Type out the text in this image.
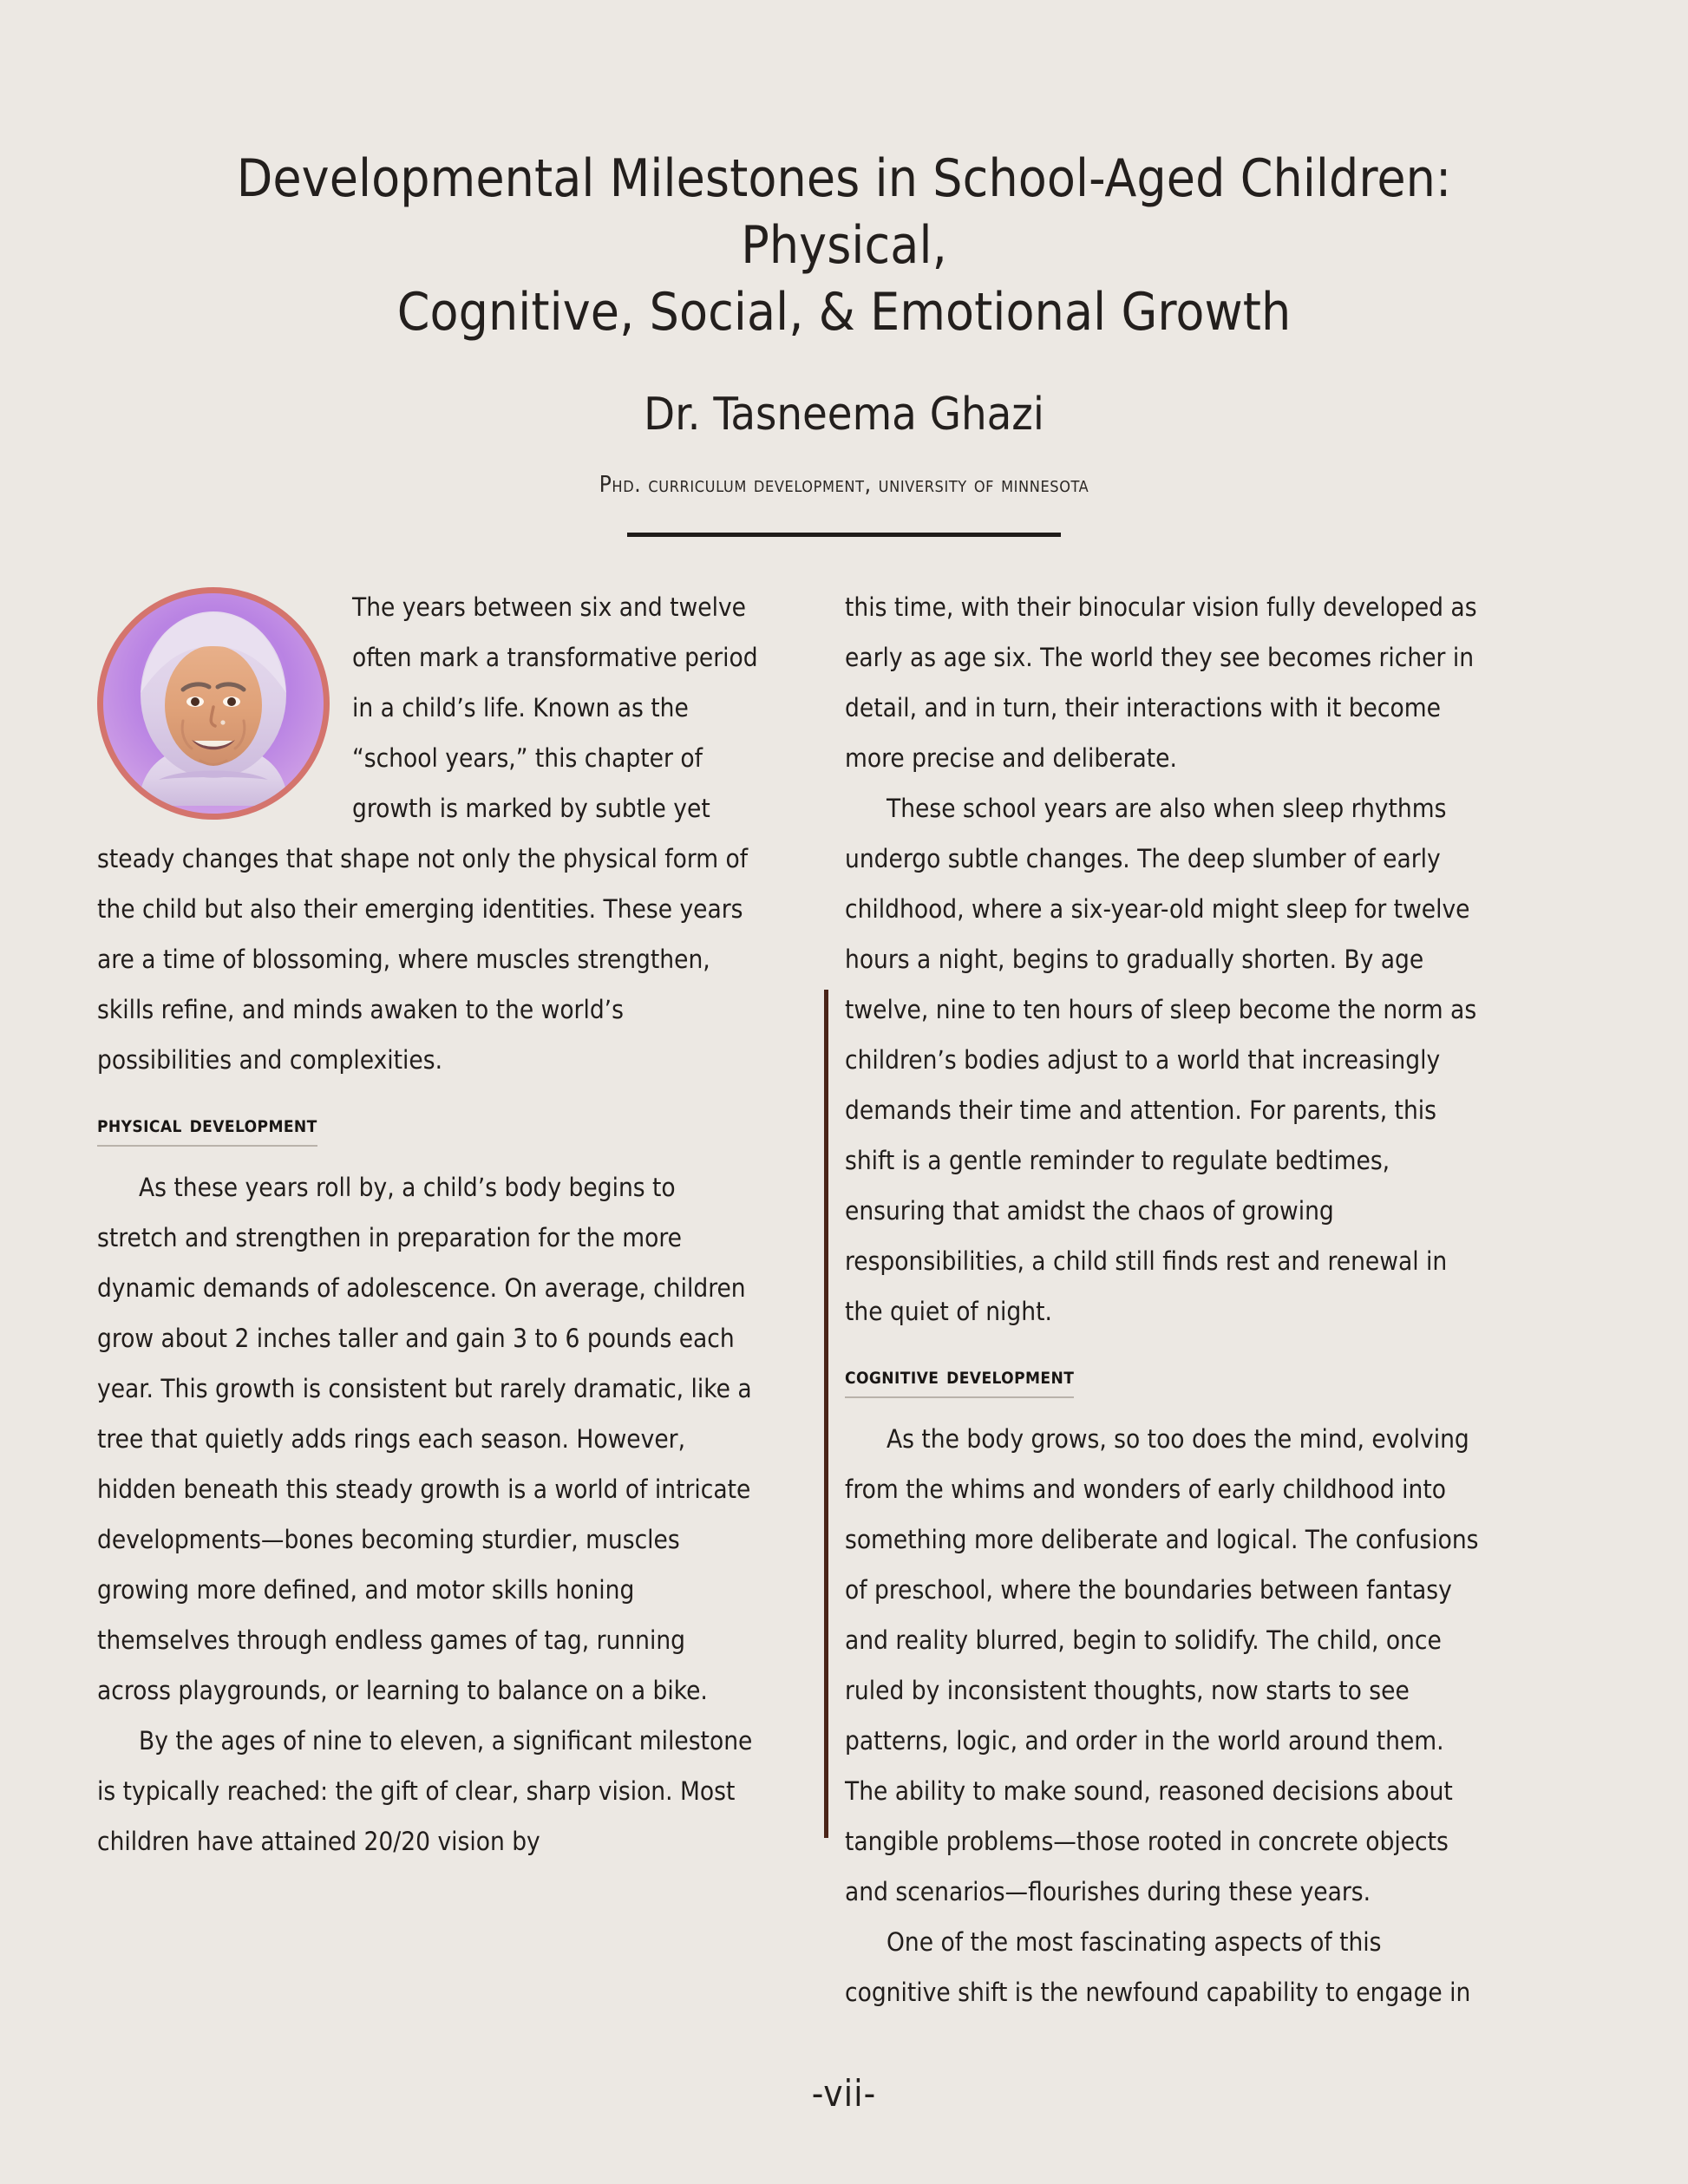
Developmental Milestones in School-Aged Children: Physical,
Cognitive, Social, & Emotional Growth
Dr. Tasneema Ghazi
Phd. curriculum development, university of minnesota

The years between six and twelve often mark a transformative period in a child’s life. Known as the “school years,” this chapter of growth is marked by subtle yet steady changes that shape not only the physical form of the child but also their emerging identities. These years are a time of blossoming, where muscles strengthen, skills refine, and minds awaken to the world’s possibilities and complexities.

physical development

As these years roll by, a child’s body begins to stretch and strengthen in preparation for the more dynamic demands of adolescence. On average, children grow about 2 inches taller and gain 3 to 6 pounds each year. This growth is consistent but rarely dramatic, like a tree that quietly adds rings each season. However, hidden beneath this steady growth is a world of intricate developments—bones becoming sturdier, muscles growing more defined, and motor skills honing themselves through endless games of tag, running across playgrounds, or learning to balance on a bike.

By the ages of nine to eleven, a significant milestone is typically reached: the gift of clear, sharp vision. Most children have attained 20/20 vision by

this time, with their binocular vision fully developed as early as age six. The world they see becomes richer in detail, and in turn, their interactions with it become more precise and deliberate.

These school years are also when sleep rhythms undergo subtle changes. The deep slumber of early childhood, where a six-year-old might sleep for twelve hours a night, begins to gradually shorten. By age twelve, nine to ten hours of sleep become the norm as children’s bodies adjust to a world that increasingly demands their time and attention. For parents, this shift is a gentle reminder to regulate bedtimes, ensuring that amidst the chaos of growing responsibilities, a child still finds rest and renewal in the quiet of night.

cognitive development

As the body grows, so too does the mind, evolving from the whims and wonders of early childhood into something more deliberate and logical. The confusions of preschool, where the boundaries between fantasy and reality blurred, begin to solidify. The child, once ruled by inconsistent thoughts, now starts to see patterns, logic, and order in the world around them. The ability to make sound, reasoned decisions about tangible problems—those rooted in concrete objects and scenarios—flourishes during these years.

One of the most fascinating aspects of this cognitive shift is the newfound capability to engage in

-vii-
